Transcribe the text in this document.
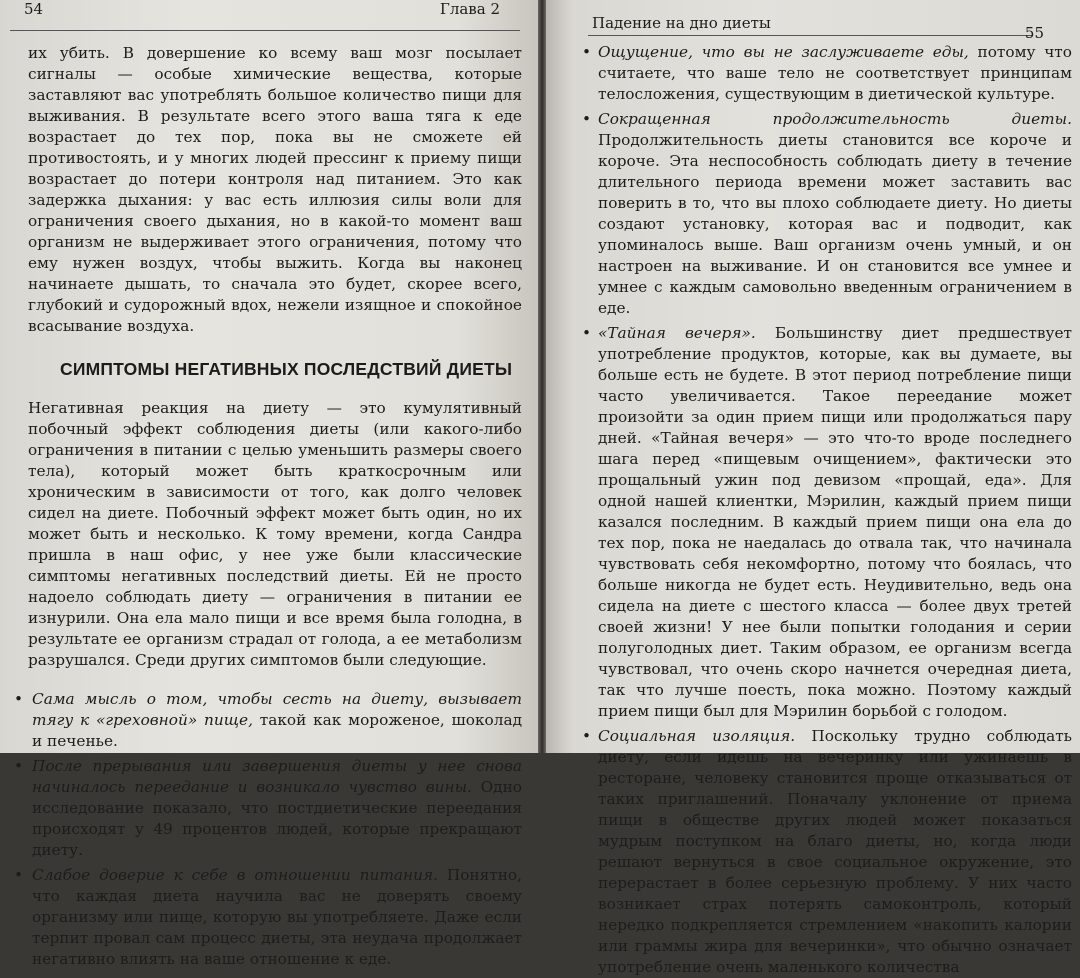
54	Глава 2

их убить. В довершение ко всему ваш мозг посылает сигналы — особые химические вещества, которые заставляют вас употреблять большое количество пищи для выживания. В результате всего этого ваша тяга к еде возрастает до тех пор, пока вы не сможете ей противостоять, и у многих людей прессинг к приему пищи возрастает до потери контроля над питанием. Это как задержка дыхания: у вас есть иллюзия силы воли для ограничения своего дыхания, но в какой-то момент ваш организм не выдерживает этого ограничения, потому что ему нужен воздух, чтобы выжить. Когда вы наконец начинаете дышать, то сначала это будет, скорее всего, глубокий и судорожный вдох, нежели изящное и спокойное всасывание воздуха.

СИМПТОМЫ НЕГАТИВНЫХ ПОСЛЕДСТВИЙ ДИЕТЫ

Негативная реакция на диету — это кумулятивный побочный эффект соблюдения диеты (или какого-либо ограничения в питании с целью уменьшить размеры своего тела), который может быть краткосрочным или хроническим в зависимости от того, как долго человек сидел на диете. Побочный эффект может быть один, но их может быть и несколько. К тому времени, когда Сандра пришла в наш офис, у нее уже были классические симптомы негативных последствий диеты. Ей не просто надоело соблюдать диету — ограничения в питании ее изнурили. Она ела мало пищи и все время была голодна, в результате ее организм страдал от голода, а ее метаболизм разрушался. Среди других симптомов были следующие.

• Сама мысль о том, чтобы сесть на диету, вызывает тягу к «греховной» пище, такой как мороженое, шоколад и печенье.
• После прерывания или завершения диеты у нее снова начиналось переедание и возникало чувство вины. Одно исследование показало, что постдиетические переедания происходят у 49 процентов людей, которые прекращают диету.
• Слабое доверие к себе в отношении питания. Понятно, что каждая диета научила вас не доверять своему организму или пище, которую вы употребляете. Даже если терпит провал сам процесс диеты, эта неудача продолжает негативно влиять на ваше отношение к еде.
Падение на дно диеты
55
• Ощущение, что вы не заслуживаете еды, потому что считаете, что ваше тело не соответствует принципам телосложения, существующим в диетической культуре.
• Сокращенная продолжительность диеты. Продолжительность диеты становится все короче и короче. Эта неспособность соблюдать диету в течение длительного периода времени может заставить вас поверить в то, что вы плохо соблюдаете диету. Но диеты создают установку, которая вас и подводит, как упоминалось выше. Ваш организм очень умный, и он настроен на выживание. И он становится все умнее и умнее с каждым самовольно введенным ограничением в еде.
• «Тайная вечеря». Большинству диет предшествует употребление продуктов, которые, как вы думаете, вы больше есть не будете. В этот период потребление пищи часто увеличивается. Такое переедание может произойти за один прием пищи или продолжаться пару дней. «Тайная вечеря» — это что-то вроде последнего шага перед «пищевым очищением», фактически это прощальный ужин под девизом «прощай, еда». Для одной нашей клиентки, Мэрилин, каждый прием пищи казался последним. В каждый прием пищи она ела до тех пор, пока не наедалась до отвала так, что начинала чувствовать себя некомфортно, потому что боялась, что больше никогда не будет есть. Неудивительно, ведь она сидела на диете с шестого класса — более двух третей своей жизни! У нее были попытки голодания и серии полуголодных диет. Таким образом, ее организм всегда чувствовал, что очень скоро начнется очередная диета, так что лучше поесть, пока можно. Поэтому каждый прием пищи был для Мэрилин борьбой с голодом.
• Социальная изоляция. Поскольку трудно соблюдать диету, если идешь на вечеринку или ужинаешь в ресторане, человеку становится проще отказываться от таких приглашений. Поначалу уклонение от приема пищи в обществе других людей может показаться мудрым поступком на благо диеты, но, когда люди решают вернуться в свое социальное окружение, это перерастает в более серьезную проблему. У них часто возникает страх потерять самоконтроль, который нередко подкрепляется стремлением «накопить калории или граммы жира для вечеринки», что обычно означает употребление очень маленького количества
